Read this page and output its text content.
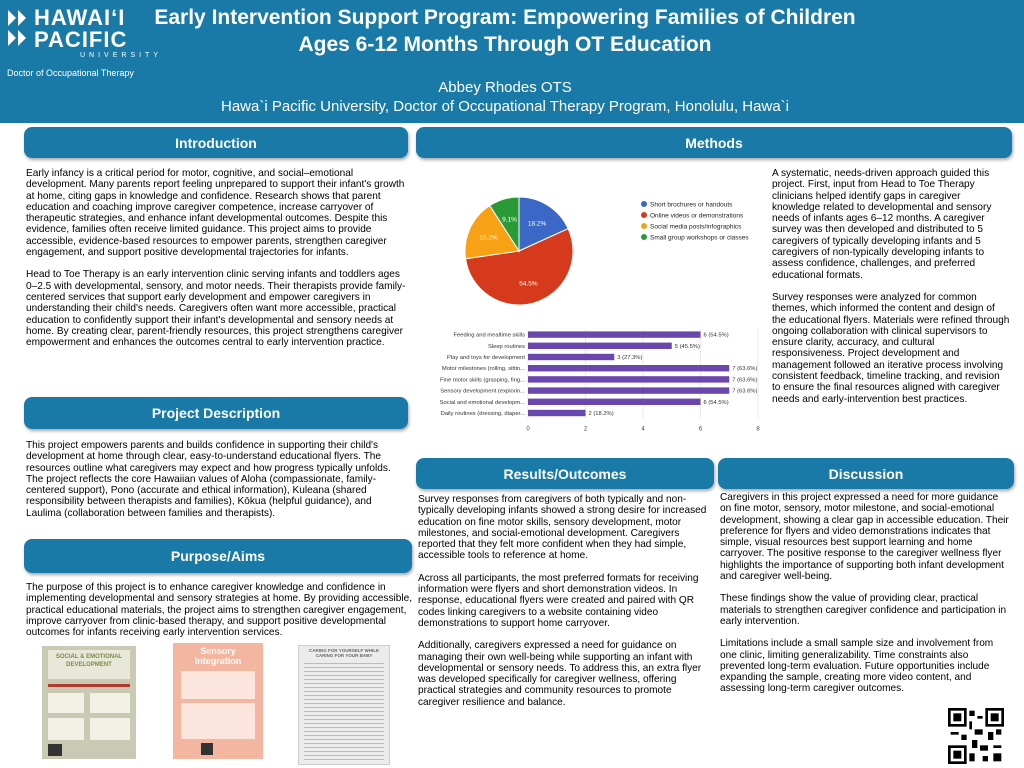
HAWAIʻI
PACIFIC
UNIVERSITY
Doctor of Occupational Therapy
Early Intervention Support Program: Empowering Families of Children Ages 6-12 Months Through OT Education
Abbey Rhodes OTS
Hawa`i Pacific University, Doctor of Occupational Therapy Program, Honolulu, Hawa`i
Introduction

Early infancy is a critical period for motor, cognitive, and social–emotional development. Many parents report feeling unprepared to support their infant's growth at home, citing gaps in knowledge and confidence. Research shows that parent education and coaching improve caregiver competence, increase carryover of therapeutic strategies, and enhance infant developmental outcomes. Despite this evidence, families often receive limited guidance. This project aims to provide accessible, evidence-based resources to empower parents, strengthen caregiver engagement, and support positive developmental trajectories for infants.

Head to Toe Therapy is an early intervention clinic serving infants and toddlers ages 0–2.5 with developmental, sensory, and motor needs. Their therapists provide family-centered services that support early development and empower caregivers in understanding their child's needs. Caregivers often want more accessible, practical education to confidently support their infant's developmental and sensory needs at home. By creating clear, parent-friendly resources, this project strengthens caregiver empowerment and enhances the outcomes central to early intervention practice.

Project Description

This project empowers parents and builds confidence in supporting their child's development at home through clear, easy-to-understand educational flyers. The resources outline what caregivers may expect and how progress typically unfolds. The project reflects the core Hawaiian values of Aloha (compassionate, family-centered support), Pono (accurate and ethical information), Kuleana (shared responsibility between therapists and families), Kōkua (helpful guidance), and Laulima (collaboration between families and therapists).

Purpose/Aims

The purpose of this project is to enhance caregiver knowledge and confidence in implementing developmental and sensory strategies at home. By providing accessible, practical educational materials, the project aims to strengthen caregiver engagement, improve carryover from clinic-based therapy, and support positive developmental outcomes for infants receiving early intervention services.

SOCIAL & EMOTIONAL DEVELOPMENT
Sensory Integration
CARING FOR YOURSELF WHILE CARING FOR YOUR BABY
Methods
18.2%
54.5%
18.2%
9.1%
Short brochures or handouts
Online videos or demonstrations
Social media posts/infographics
Small group workshops or classes
0	2	4	6	8
Feeding and mealtime skills	6 (54.5%)
Sleep routines	5 (45.5%)
Play and toys for development	3 (27.3%)
Motor milestones (rolling, sittin...	7 (63.6%)
Fine motor skills (grasping, fing...	7 (63.6%)
Sensory development (explorin...	7 (63.6%)
Social and emotional developm...	6 (54.5%)
Daily routines (dressing, diaper...	2 (18.2%)

A systematic, needs-driven approach guided this project. First, input from Head to Toe Therapy clinicians helped identify gaps in caregiver knowledge related to developmental and sensory needs of infants ages 6–12 months. A caregiver survey was then developed and distributed to 5 caregivers of typically developing infants and 5 caregivers of non-typically developing infants to assess confidence, challenges, and preferred educational formats.

Survey responses were analyzed for common themes, which informed the content and design of the educational flyers. Materials were refined through ongoing collaboration with clinical supervisors to ensure clarity, accuracy, and cultural responsiveness. Project development and management followed an iterative process involving consistent feedback, timeline tracking, and revision to ensure the final resources aligned with caregiver needs and early-intervention best practices.

Results/Outcomes

Survey responses from caregivers of both typically and non-typically developing infants showed a strong desire for increased education on fine motor skills, sensory development, motor milestones, and social-emotional development. Caregivers reported that they felt more confident when they had simple, accessible tools to reference at home.

Across all participants, the most preferred formats for receiving information were flyers and short demonstration videos. In response, educational flyers were created and paired with QR codes linking caregivers to a website containing video demonstrations to support home carryover.

Additionally, caregivers expressed a need for guidance on managing their own well-being while supporting an infant with developmental or sensory needs. To address this, an extra flyer was developed specifically for caregiver wellness, offering practical strategies and community resources to promote caregiver resilience and balance.

Discussion

Caregivers in this project expressed a need for more guidance on fine motor, sensory, motor milestone, and social-emotional development, showing a clear gap in accessible education. Their preference for flyers and video demonstrations indicates that simple, visual resources best support learning and home carryover. The positive response to the caregiver wellness flyer highlights the importance of supporting both infant development and caregiver well-being.

These findings show the value of providing clear, practical materials to strengthen caregiver confidence and participation in early intervention.

Limitations include a small sample size and involvement from one clinic, limiting generalizability. Time constraints also prevented long-term evaluation. Future opportunities include expanding the sample, creating more video content, and assessing long-term caregiver outcomes.
